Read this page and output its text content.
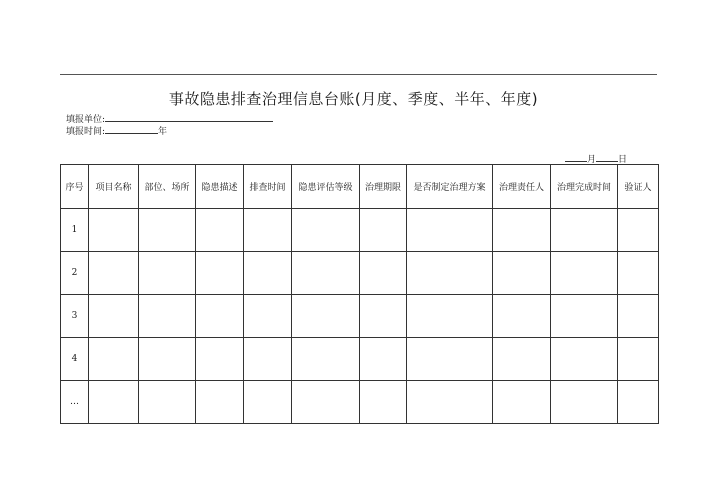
事故隐患排查治理信息台账(月度、季度、半年、年度)
填报单位:
填报时间:	年
月 日
序号	项目名称	部位、场所	隐患描述	排查时间	隐患评估等级	治理期限	是否制定治理方案	治理责任人	治理完成时间	验证人
1										
2										
3										
4										
…										
